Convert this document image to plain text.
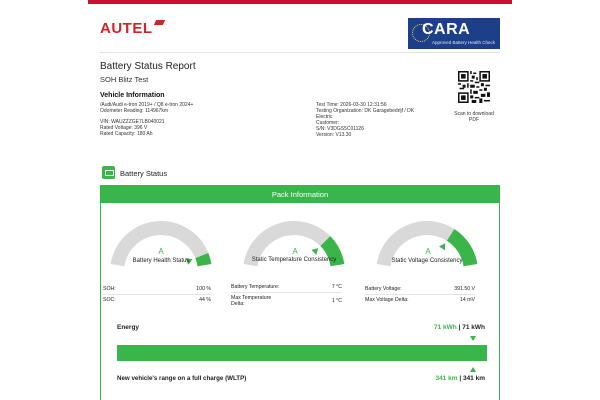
AUTEL	CARA
Approved Battery Health Check
Battery Status Report
SOH Blitz Test
Vehicle Information
/Audi/Audi e-tron 2019+ / Q8 e-tron 2024+
Odometer Reading: 114967km
VIN: WAUZZZGE7LB040021
Rated Voltage: 396 V
Rated Capacity: 180 Ah
Test Time: 2026-03-30 12:31:56
Testing Organization: DK Garagebedrijf / DK
Electric
Customer:
S/N: V3DGS5C01126
Version: V13.30
Scan to download
PDF
Battery Status
Pack Information
A	A	A
Battery Health Status	Static Temperature Consistency	Static Voltage Consistency
SOH:	100 %
SOC:	44 %
Battery Temperature:	7 °C
Max Temperature
Delta:
1 °C
Battery Voltage:	391.50 V
Max Voltage Delta:	14 mV
Energy	71 kWh | 71 kWh
New vehicle's range on a full charge (WLTP)	341 km | 341 km
